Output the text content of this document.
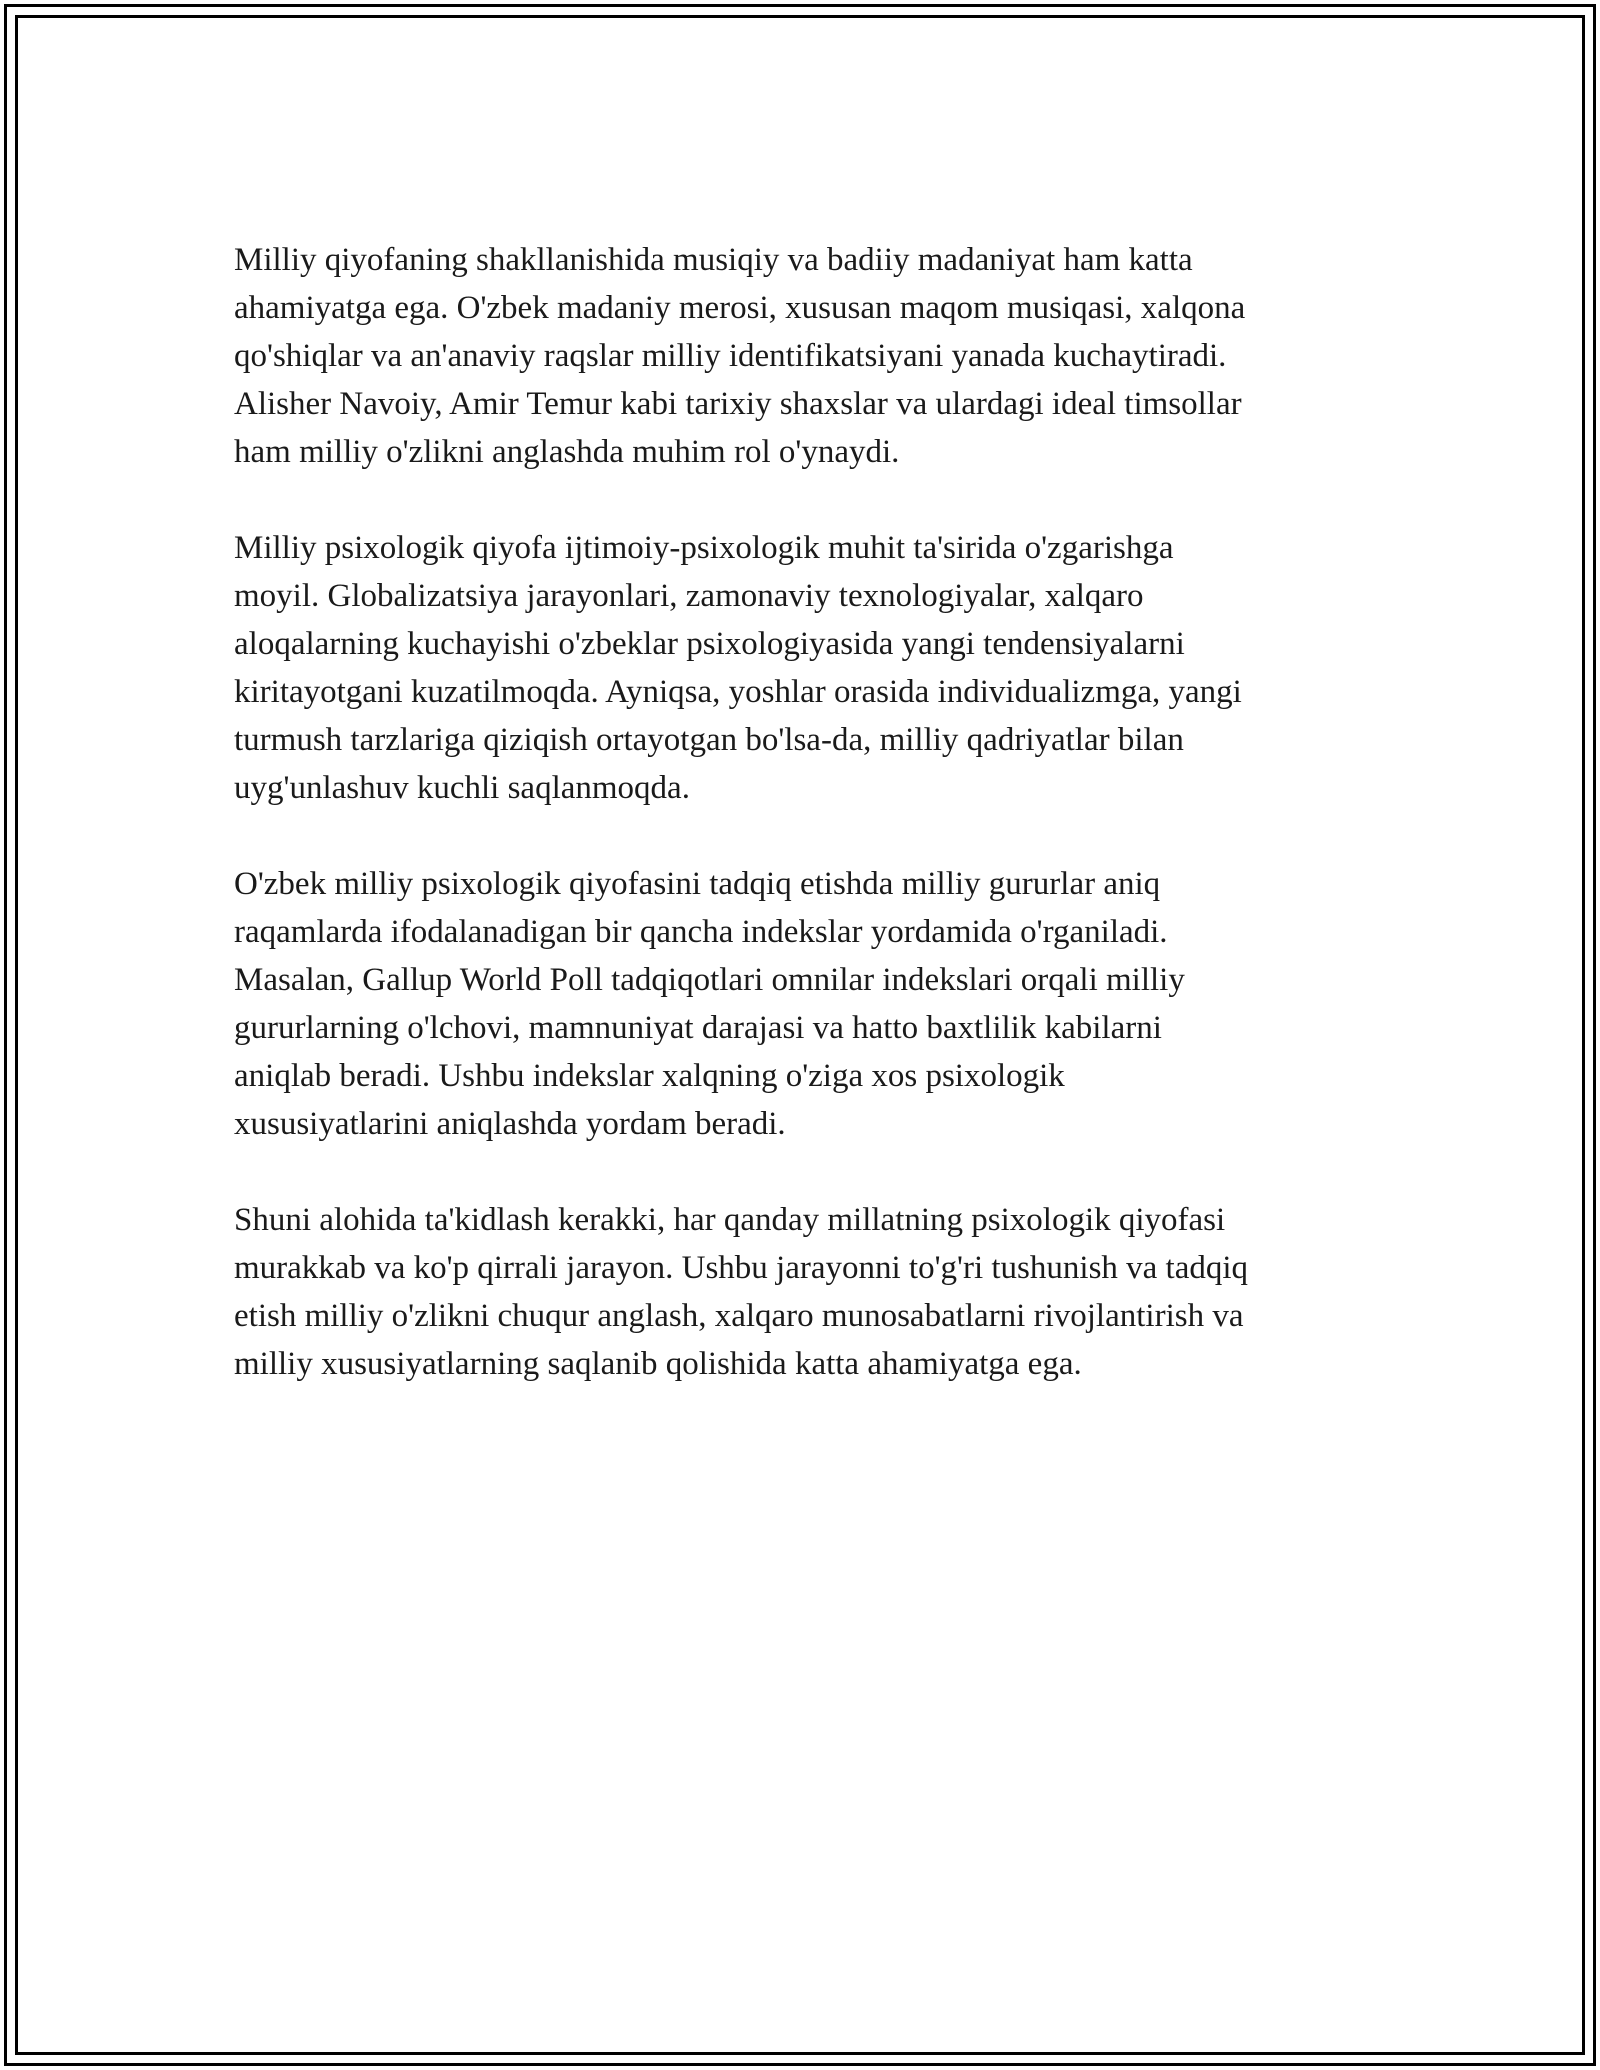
Milliy qiyofaning shakllanishida musiqiy va badiiy madaniyat ham katta
ahamiyatga ega. O'zbek madaniy merosi, xususan maqom musiqasi, xalqona
qo'shiqlar va an'anaviy raqslar milliy identifikatsiyani yanada kuchaytiradi.
Alisher Navoiy, Amir Temur kabi tarixiy shaxslar va ulardagi ideal timsollar
ham milliy o'zlikni anglashda muhim rol o'ynaydi.

Milliy psixologik qiyofa ijtimoiy-psixologik muhit ta'sirida o'zgarishga
moyil. Globalizatsiya jarayonlari, zamonaviy texnologiyalar, xalqaro
aloqalarning kuchayishi o'zbeklar psixologiyasida yangi tendensiyalarni
kiritayotgani kuzatilmoqda. Ayniqsa, yoshlar orasida individualizmga, yangi
turmush tarzlariga qiziqish ortayotgan bo'lsa-da, milliy qadriyatlar bilan
uyg'unlashuv kuchli saqlanmoqda.

O'zbek milliy psixologik qiyofasini tadqiq etishda milliy gururlar aniq
raqamlarda ifodalanadigan bir qancha indekslar yordamida o'rganiladi.
Masalan, Gallup World Poll tadqiqotlari omnilar indekslari orqali milliy
gururlarning o'lchovi, mamnuniyat darajasi va hatto baxtlilik kabilarni
aniqlab beradi. Ushbu indekslar xalqning o'ziga xos psixologik
xususiyatlarini aniqlashda yordam beradi.

Shuni alohida ta'kidlash kerakki, har qanday millatning psixologik qiyofasi
murakkab va ko'p qirrali jarayon. Ushbu jarayonni to'g'ri tushunish va tadqiq
etish milliy o'zlikni chuqur anglash, xalqaro munosabatlarni rivojlantirish va
milliy xususiyatlarning saqlanib qolishida katta ahamiyatga ega.
